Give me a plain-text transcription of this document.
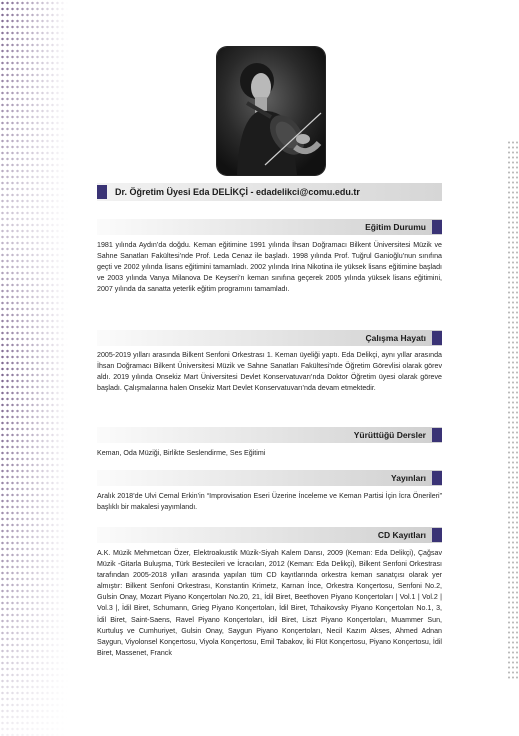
Dr. Öğretim Üyesi Eda DELİKÇİ - edadelikci@comu.edu.tr
Eğitim Durumu
1981 yılında Aydın’da doğdu. Keman eğitimine 1991 yılında İhsan Doğramacı Bilkent Üniversitesi Müzik ve Sahne Sanatları Fakültesi’nde Prof. Leda Cenaz ile başladı. 1998 yılında Prof. Tuğrul Ganioğlu’nun sınıfına geçti ve 2002 yılında lisans eğitimini tamamladı. 2002 yılında Irina Nikotina ile yüksek lisans eğitimine başladı ve 2003 yılında Vanya Milanova De Keyseri’n keman sınıfına geçerek 2005 yılında yüksek lisans eğitimini, 2007 yılında da sanatta yeterlik eğitim programını tamamladı.
Çalışma Hayatı
2005-2019 yılları arasında Bilkent Senfoni Orkestrası 1. Keman üyeliği yaptı. Eda Delikçi, aynı yıllar arasında İhsan Doğramacı Bilkent Üniversitesi Müzik ve Sahne Sanatları Fakültesi’nde Öğretim Görevlisi olarak görev aldı. 2019 yılında Onsekiz Mart Üniversitesi Devlet Konservatuvarı’nda Doktor Öğretim üyesi olarak göreve başladı. Çalışmalarına halen Onsekiz Mart Devlet Konservatuvarı’nda devam etmektedir.
Yürüttüğü Dersler
Keman, Oda Müziği, Birlikte Seslendirme, Ses Eğitimi
Yayınları
Aralık 2018’de Ulvi Cemal Erkin’in “Improvisation Eseri Üzerine İnceleme ve Keman Partisi İçin İcra Önerileri” başlıklı bir makalesi yayımlandı.
CD Kayıtları
A.K. Müzik Mehmetcan Özer, Elektroakustik Müzik-Siyah Kalem Dansı, 2009 (Keman: Eda Delikçi), Çağsav Müzik -Gitarla Buluşma, Türk Bestecileri ve İcracıları, 2012 (Keman: Eda Delikçi), Bilkent Senfoni Orkestrası tarafından 2005-2018 yılları arasında yapılan tüm CD kayıtlarında orkestra keman sanatçısı olarak yer almıştır: Bilkent Senfoni Orkestrası, Konstantin Krimetz, Karnan İnce, Orkestra Konçertosu, Senfoni No.2, Gulsin Onay, Mozart Piyano Konçertoları No.20, 21, İdil Biret, Beethoven Piyano Konçertoları | Vol.1 | Vol.2 | Vol.3 |, İdil Biret, Schumann, Grieg Piyano Konçertoları, İdil Biret, Tchaikovsky Piyano Konçertoları No.1, 3, İdil Biret, Saint-Saens, Ravel Piyano Konçertoları, İdil Biret, Liszt Piyano Konçertoları, Muammer Sun, Kurtuluş ve Cumhuriyet, Gulsin Onay, Saygun Piyano Konçertoları, Necil Kazım Akses, Ahmed Adnan Saygun, Viyolonsel Konçertosu, Viyola Konçertosu, Emil Tabakov, İki Flüt Konçertosu, Piyano Konçertosu, İdil Biret, Massenet, Franck
